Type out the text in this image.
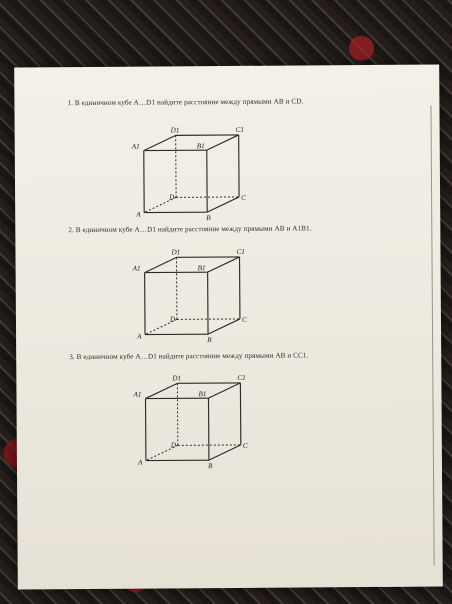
1. В единичном кубе A…D1 найдите расстояние между прямыми AB и CD.
D1	C1
A1	B1
D	C
A	B
2. В единичном кубе A…D1 найдите расстояние между прямыми AB и A1B1.
D1	C1
A1	B1
D	C
A	B
3. В единичном кубе A…D1 найдите расстояние между прямыми AB и CC1.
D1	C1
A1	B1
D	C
A	B
